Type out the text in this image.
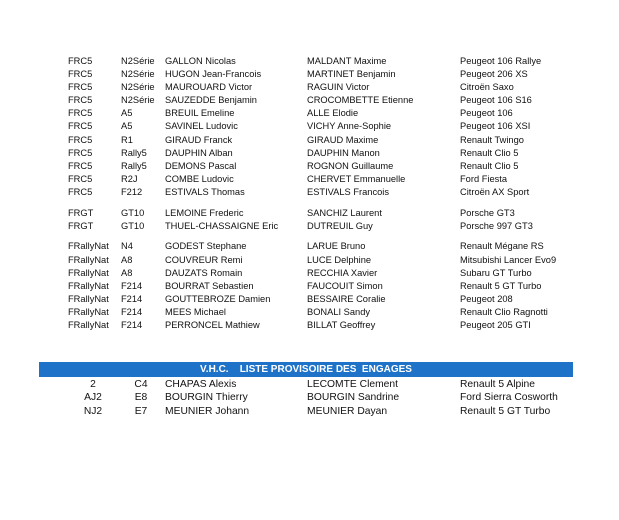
FRC5	N2Série GALLON Nicolas	MALDANT Maxime	Peugeot 106 Rallye
FRC5	N2Série HUGON Jean-Francois	MARTINET Benjamin	Peugeot 206 XS
FRC5	N2Série MAUROUARD Victor	RAGUIN Victor	Citroën Saxo
FRC5	N2Série SAUZEDDE Benjamin	CROCOMBETTE Etienne	Peugeot 106 S16
FRC5	A5	BREUIL Emeline	ALLE Elodie	Peugeot 106
FRC5	A5	SAVINEL Ludovic	VICHY Anne-Sophie	Peugeot 106 XSI
FRC5	R1	GIRAUD Franck	GIRAUD Maxime	Renault Twingo
FRC5	Rally5 DAUPHIN Alban	DAUPHIN Manon	Renault Clio 5
FRC5	Rally5 DEMONS Pascal	ROGNON Guillaume	Renault Clio 5
FRC5	R2J	COMBE Ludovic	CHERVET Emmanuelle	Ford Fiesta
FRC5	F212 ESTIVALS Thomas	ESTIVALS Francois	Citroën AX Sport
FRGT	GT10 LEMOINE Frederic	SANCHIZ Laurent	Porsche GT3
FRGT	GT10 THUEL-CHASSAIGNE Eric	DUTREUIL Guy	Porsche 997 GT3
FRallyNat N4	GODEST Stephane	LARUE Bruno	Renault Mégane RS
FRallyNat A8	COUVREUR Remi	LUCE Delphine	Mitsubishi Lancer Evo9
FRallyNat A8	DAUZATS Romain	RECCHIA Xavier	Subaru GT Turbo
FRallyNat F214 BOURRAT Sebastien	FAUCOUIT Simon	Renault 5 GT Turbo
FRallyNat F214 GOUTTEBROZE Damien	BESSAIRE Coralie	Peugeot 208
FRallyNat F214 MEES Michael	BONALI Sandy	Renault Clio Ragnotti
FRallyNat F214 PERRONCEL Mathiew	BILLAT Geoffrey	Peugeot 205 GTI
V.H.C.    LISTE PROVISOIRE DES  ENGAGES
2	C4	CHAPAS Alexis	LECOMTE Clement	Renault 5 Alpine
AJ2	E8	BOURGIN Thierry	BOURGIN Sandrine	Ford Sierra Cosworth
NJ2	E7	MEUNIER Johann	MEUNIER Dayan	Renault 5 GT Turbo
